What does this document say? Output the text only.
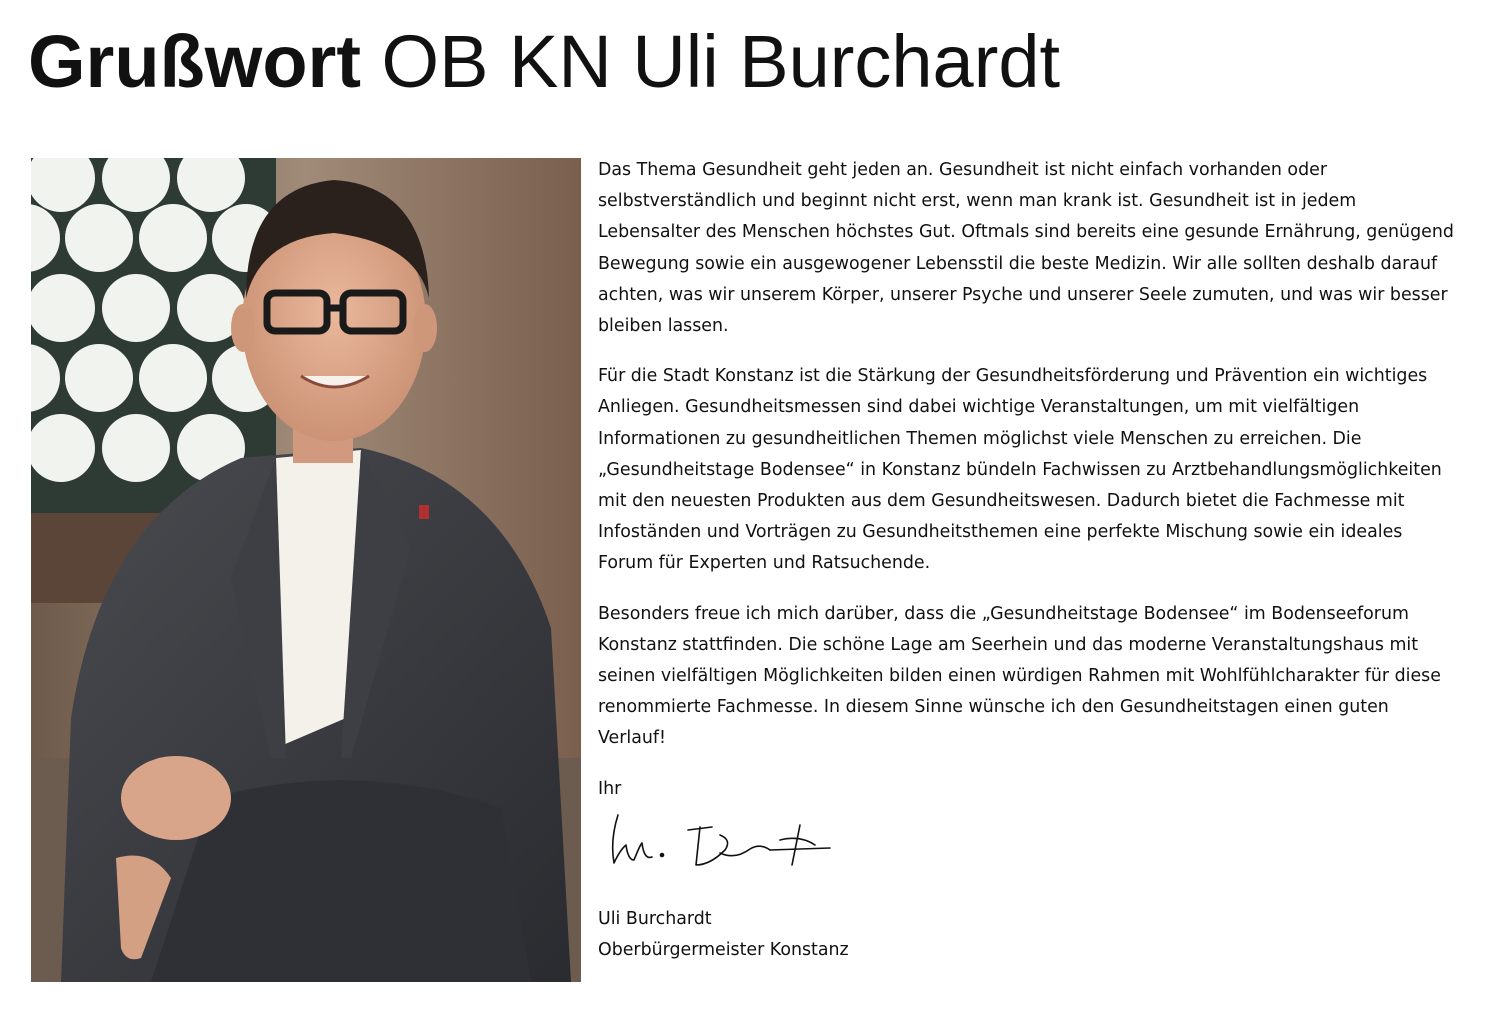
Grußwort OB KN Uli Burchardt

Das Thema Gesundheit geht jeden an. Gesundheit ist nicht einfach vorhanden oder selbstverständlich und beginnt nicht erst, wenn man krank ist. Gesundheit ist in jedem Lebensalter des Menschen höchstes Gut. Oftmals sind bereits eine gesunde Ernährung, genügend Bewegung sowie ein ausgewogener Lebensstil die beste Medizin. Wir alle sollten deshalb darauf achten, was wir unserem Körper, unserer Psyche und unserer Seele zumuten, und was wir besser bleiben lassen.

Für die Stadt Konstanz ist die Stärkung der Gesundheitsförderung und Prävention ein wichtiges Anliegen. Gesundheitsmessen sind dabei wichtige Veranstaltungen, um mit vielfältigen Informationen zu gesundheitlichen Themen möglichst viele Menschen zu erreichen. Die „Gesundheitstage Bodensee“ in Konstanz bündeln Fachwissen zu Arztbehandlungsmöglichkeiten mit den neuesten Produkten aus dem Gesundheitswesen. Dadurch bietet die Fachmesse mit Infoständen und Vorträgen zu Gesundheitsthemen eine perfekte Mischung sowie ein ideales Forum für Experten und Ratsuchende.

Besonders freue ich mich darüber, dass die „Gesundheitstage Bodensee“ im Bodenseeforum Konstanz stattfinden. Die schöne Lage am Seerhein und das moderne Veranstaltungshaus mit seinen vielfältigen Möglichkeiten bilden einen würdigen Rahmen mit Wohlfühlcharakter für diese renommierte Fachmesse. In diesem Sinne wünsche ich den Gesundheitstagen einen guten Verlauf!

Ihr

Uli Burchardt
Oberbürgermeister Konstanz
